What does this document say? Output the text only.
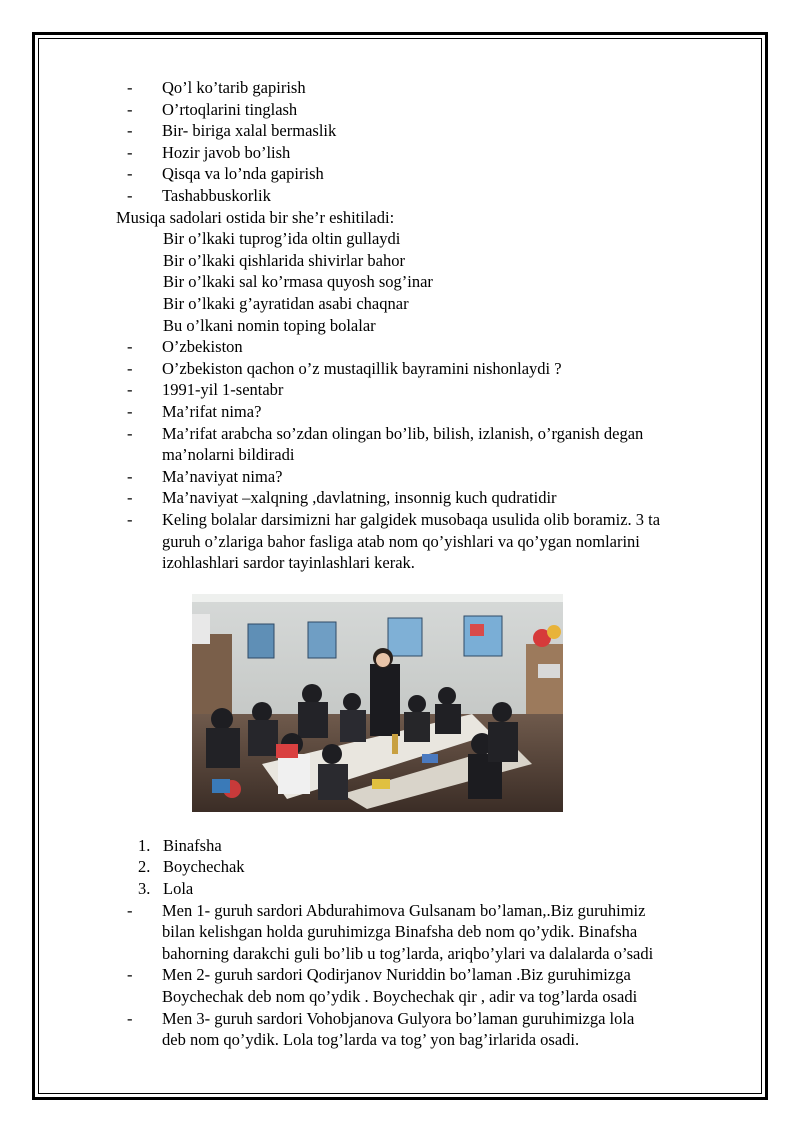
- Qo’l ko’tarib gapirish
- O’rtoqlarini tinglash
- Bir- biriga xalal bermaslik
- Hozir javob bo’lish
- Qisqa va lo’nda gapirish
- Tashabbuskorlik
Musiqa sadolari ostida bir she’r eshitiladi:
Bir o’lkaki tuprog’ida oltin gullaydi
Bir o’lkaki qishlarida shivirlar bahor
Bir o’lkaki sal ko’rmasa quyosh sog’inar
Bir o’lkaki g’ayratidan asabi chaqnar
Bu o’lkani nomin toping bolalar
- O’zbekiston
- O’zbekiston qachon o’z mustaqillik bayramini nishonlaydi ?
- 1991-yil 1-sentabr
- Ma’rifat nima?
- Ma’rifat arabcha so’zdan olingan bo’lib, bilish, izlanish, o’rganish degan
ma’nolarni bildiradi
- Ma’naviyat nima?
- Ma’naviyat –xalqning ,davlatning, insonnig kuch qudratidir
- Keling bolalar darsimizni har galgidek musobaqa usulida olib boramiz. 3 ta
guruh o’zlariga bahor fasliga atab nom qo’yishlari va qo’ygan nomlarini
izohlashlari sardor tayinlashlari kerak.
1. Binafsha
2. Boychechak
3. Lola
- Men 1- guruh sardori Abdurahimova Gulsanam bo’laman,.Biz guruhimiz
bilan kelishgan holda guruhimizga Binafsha deb nom qo’ydik. Binafsha
bahorning darakchi guli bo’lib u tog’larda, ariqbo’ylari va dalalarda o’sadi
- Men 2- guruh sardori Qodirjanov Nuriddin bo’laman .Biz guruhimizga
Boychechak deb nom qo’ydik . Boychechak qir , adir va tog’larda osadi
- Men 3- guruh sardori Vohobjanova Gulyora bo’laman guruhimizga lola
deb nom qo’ydik. Lola tog’larda va tog’ yon bag’irlarida osadi.
